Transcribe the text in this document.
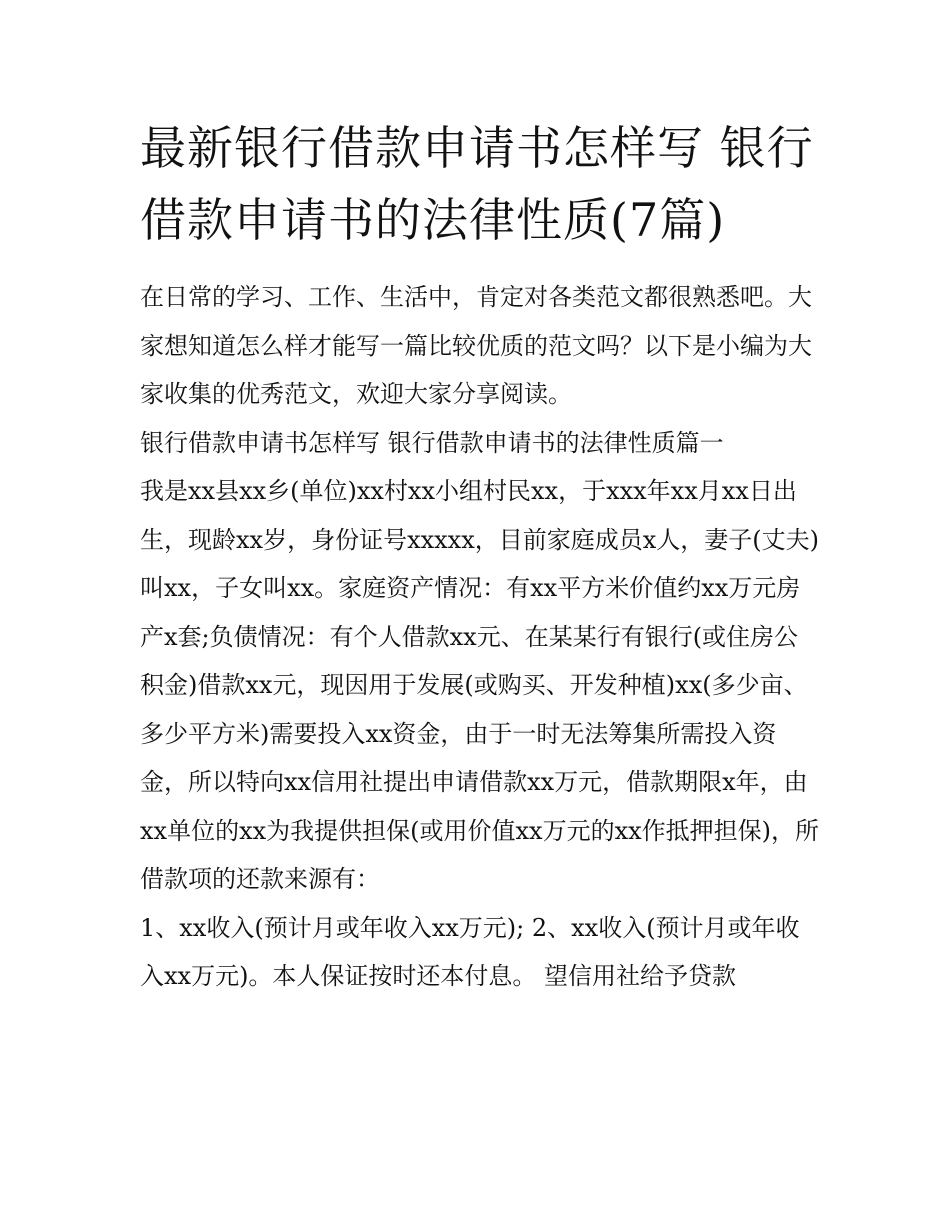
最新银行借款申请书怎样写 银行借款申请书的法律性质(7篇)

在日常的学习、工作、生活中，肯定对各类范文都很熟悉吧。大家想知道怎么样才能写一篇比较优质的范文吗？以下是小编为大家收集的优秀范文，欢迎大家分享阅读。

银行借款申请书怎样写 银行借款申请书的法律性质篇一

我是xx县xx乡(单位)xx村xx小组村民xx，于xxx年xx月xx日出生，现龄xx岁，身份证号xxxxx，目前家庭成员x人，妻子(丈夫)叫xx，子女叫xx。家庭资产情况：有xx平方米价值约xx万元房产x套;负债情况：有个人借款xx元、在某某行有银行(或住房公积金)借款xx元，现因用于发展(或购买、开发种植)xx(多少亩、多少平方米)需要投入xx资金，由于一时无法筹集所需投入资金，所以特向xx信用社提出申请借款xx万元，借款期限x年，由xx单位的xx为我提供担保(或用价值xx万元的xx作抵押担保)，所借款项的还款来源有：

1、xx收入(预计月或年收入xx万元); 2、xx收入(预计月或年收入xx万元)。本人保证按时还本付息。 望信用社给予贷款
